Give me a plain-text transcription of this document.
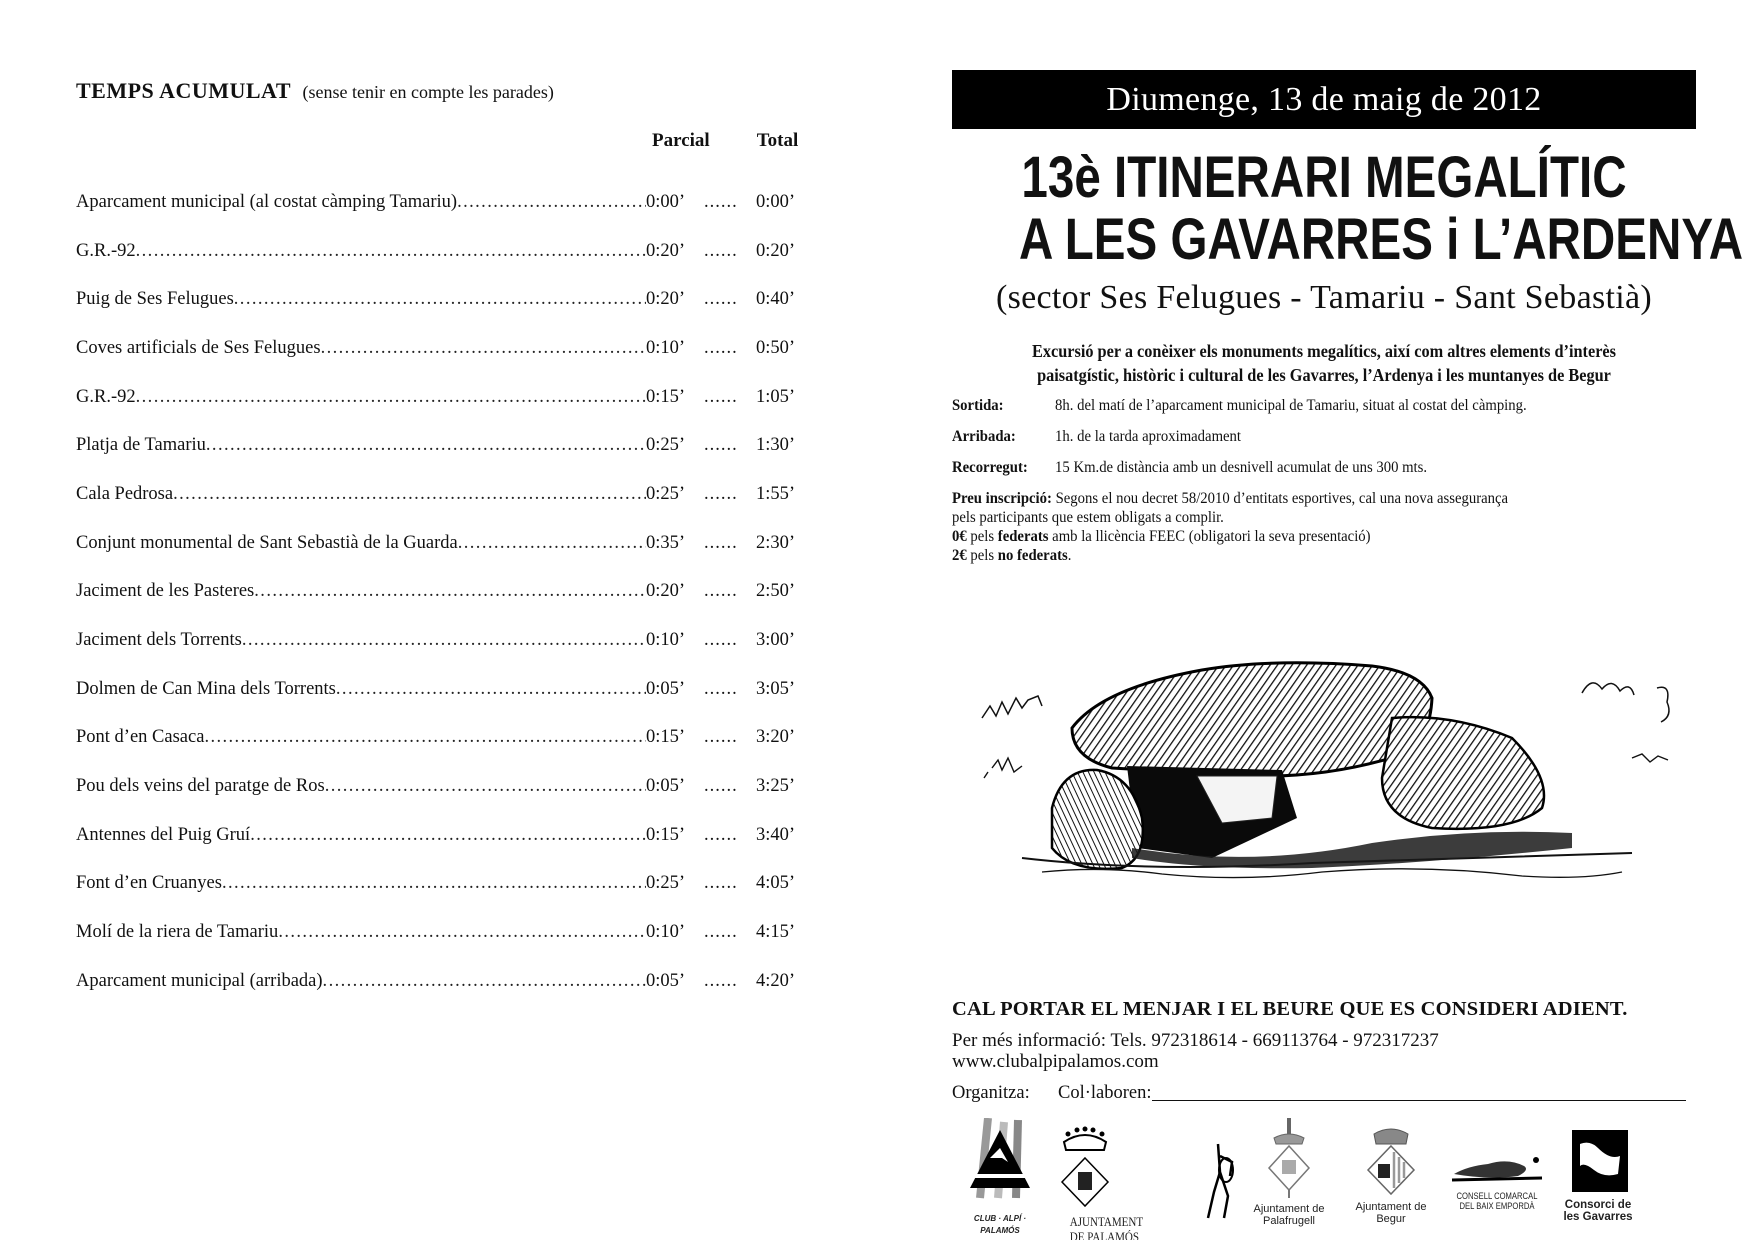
TEMPS ACUMULAT (sense tenir en compte les parades)
Parcial Total
Aparcament municipal (al costat càmping Tamariu) .....	0:00’ ......	0:00’
G.R.-92 .....	0:20’ ......	0:20’
Puig de Ses Felugues .....	0:20’ ......	0:40’
Coves artificials de Ses Felugues .....	0:10’ ......	0:50’
G.R.-92 .....	0:15’ ......	1:05’
Platja de Tamariu .....	0:25’ ......	1:30’
Cala Pedrosa .....	0:25’ ......	1:55’
Conjunt monumental de Sant Sebastià de la Guarda .....	0:35’ ......	2:30’
Jaciment de les Pasteres .....	0:20’ ......	2:50’
Jaciment dels Torrents .....	0:10’ ......	3:00’
Dolmen de Can Mina dels Torrents .....	0:05’ ......	3:05’
Pont d’en Casaca .....	0:15’ ......	3:20’
Pou dels veins del paratge de Ros .....	0:05’ ......	3:25’
Antennes del Puig Gruí .....	0:15’ ......	3:40’
Font d’en Cruanyes .....	0:25’ ......	4:05’
Molí de la riera de Tamariu .....	0:10’ ......	4:15’
Aparcament municipal (arribada) .....	0:05’ ......	4:20’
Diumenge, 13 de maig de 2012
13è ITINERARI MEGALÍTIC
A LES GAVARRES i L’ARDENYA
(sector Ses Felugues - Tamariu - Sant Sebastià)
Excursió per a conèixer els monuments megalítics, així com altres elements d’interès
paisatgístic, històric i cultural de les Gavarres, l’Ardenya i les muntanyes de Begur
Sortida:	8h. del matí de l’aparcament municipal de Tamariu, situat al costat del càmping.
Arribada:	1h. de la tarda aproximadament
Recorregut:	15 Km.de distància amb un desnivell acumulat de uns 300 mts.
Preu inscripció: Segons el nou decret 58/2010 d’entitats esportives, cal una nova assegurança
pels participants que estem obligats a complir.
0€ pels federats amb la llicència FEEC (obligatori la seva presentació)
2€ pels no federats.
CAL PORTAR EL MENJAR I EL BEURE QUE ES CONSIDERI ADIENT.
Per més informació: Tels. 972318614 - 669113764 - 972317237
www.clubalpipalamos.com
Organitza:	Col·laboren:
CLUB · ALPÍ · PALAMÓS
AJUNTAMENT
DE PALAMÓS
Ajuntament de
Palafrugell
Ajuntament de
Begur
CONSELL COMARCAL
DEL BAIX EMPORDÀ	Consorci de
les Gavarres
